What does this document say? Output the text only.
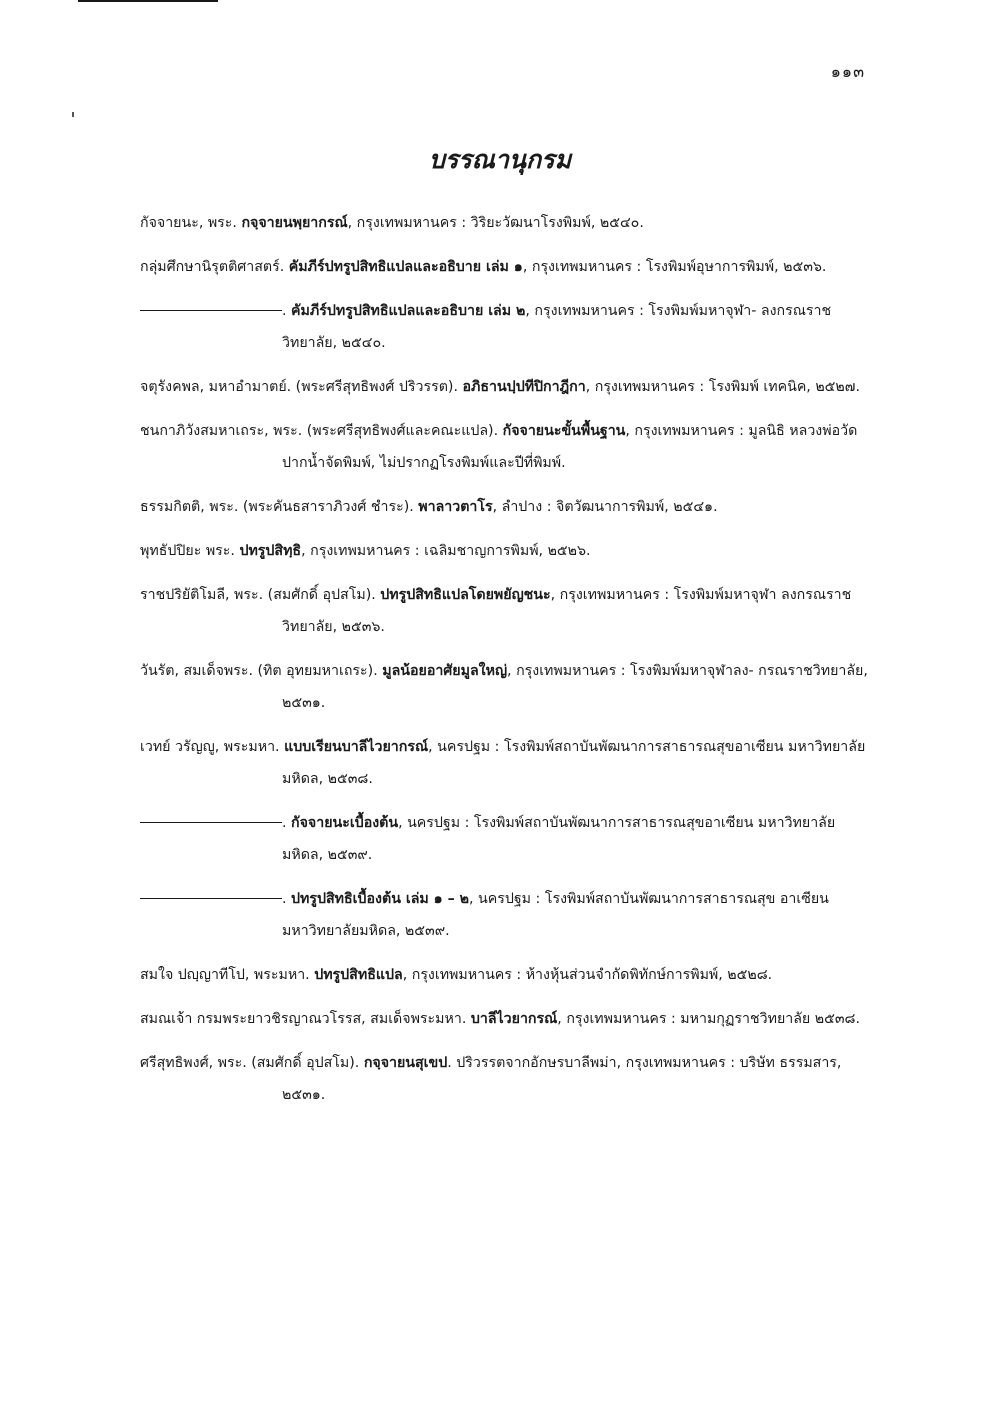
๑๑๓
บรรณานุกรม
กัจจายนะ, พระ. กจฺจายนพฺยากรณ์, กรุงเทพมหานคร : วิริยะวัฒนาโรงพิมพ์, ๒๕๔๐.
กลุ่มศึกษานิรุตติศาสตร์. คัมภีร์ปทรูปสิทธิแปลและอธิบาย เล่ม ๑, กรุงเทพมหานคร : โรงพิมพ์อุษาการพิมพ์, ๒๕๓๖.
. คัมภีร์ปทรูปสิทธิแปลและอธิบาย เล่ม ๒, กรุงเทพมหานคร : โรงพิมพ์มหาจุฬา- ลงกรณราชวิทยาลัย, ๒๕๔๐.
จตุรังคพล, มหาอำมาตย์. (พระศรีสุทธิพงศ์ ปริวรรต). อภิธานปฺปทีปิกาฎีกา, กรุงเทพมหานคร : โรงพิมพ์ เทคนิค, ๒๕๒๗.
ชนกาภิวังสมหาเถระ, พระ. (พระศรีสุทธิพงศ์และคณะแปล). กัจจายนะขั้นพื้นฐาน, กรุงเทพมหานคร : มูลนิธิ หลวงพ่อวัดปากน้ำจัดพิมพ์, ไม่ปรากฏโรงพิมพ์และปีที่พิมพ์.
ธรรมกิตติ, พระ. (พระคันธสาราภิวงศ์ ชำระ). พาลาวตาโร, ลำปาง : จิตวัฒนาการพิมพ์, ๒๕๔๑.
พุทธัปปิยะ พระ. ปทรูปสิทฺธิ, กรุงเทพมหานคร : เฉลิมชาญการพิมพ์, ๒๕๒๖.
ราชปริยัติโมลี, พระ. (สมศักดิ์ อุปสโม). ปทรูปสิทธิแปลโดยพยัญชนะ, กรุงเทพมหานคร : โรงพิมพ์มหาจุฬา ลงกรณราชวิทยาลัย, ๒๕๓๖.
วันรัต, สมเด็จพระ. (ทิต อุทยมหาเถระ). มูลน้อยอาศัยมูลใหญ่, กรุงเทพมหานคร : โรงพิมพ์มหาจุฬาลง- กรณราชวิทยาลัย, ๒๕๓๑.
เวทย์ วรัญญู, พระมหา. แบบเรียนบาลีไวยากรณ์, นครปฐม : โรงพิมพ์สถาบันพัฒนาการสาธารณสุขอาเซียน มหาวิทยาลัยมหิดล, ๒๕๓๘.
. กัจจายนะเบื้องต้น, นครปฐม : โรงพิมพ์สถาบันพัฒนาการสาธารณสุขอาเซียน มหาวิทยาลัยมหิดล, ๒๕๓๙.
. ปทรูปสิทธิเบื้องต้น เล่ม ๑ – ๒, นครปฐม : โรงพิมพ์สถาบันพัฒนาการสาธารณสุข อาเซียน มหาวิทยาลัยมหิดล, ๒๕๓๙.
สมใจ ปญฺญาทีโป, พระมหา. ปทรูปสิทธิแปล, กรุงเทพมหานคร : ห้างหุ้นส่วนจำกัดพิทักษ์การพิมพ์, ๒๕๒๘.
สมณเจ้า กรมพระยาวชิรญาณวโรรส, สมเด็จพระมหา. บาลีไวยากรณ์, กรุงเทพมหานคร : มหามกุฏราชวิทยาลัย ๒๕๓๘.
ศรีสุทธิพงศ์, พระ. (สมศักดิ์ อุปสโม). กจฺจายนสุเขป. ปริวรรตจากอักษรบาลีพม่า, กรุงเทพมหานคร : บริษัท ธรรมสาร, ๒๕๓๑.
